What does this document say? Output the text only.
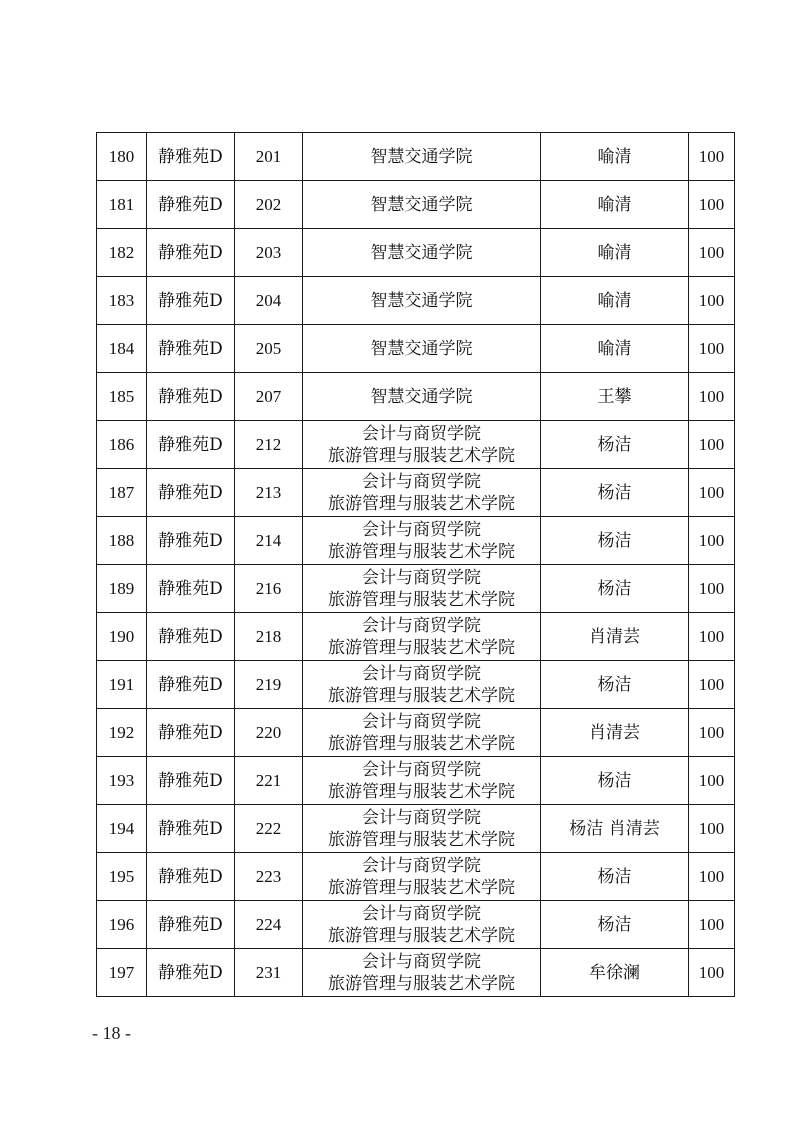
180	静雅苑D	201	智慧交通学院	喻清	100
181	静雅苑D	202	智慧交通学院	喻清	100
182	静雅苑D	203	智慧交通学院	喻清	100
183	静雅苑D	204	智慧交通学院	喻清	100
184	静雅苑D	205	智慧交通学院	喻清	100
185	静雅苑D	207	智慧交通学院	王攀	100
186	静雅苑D	212	会计与商贸学院
旅游管理与服装艺术学院	杨洁	100
187	静雅苑D	213	会计与商贸学院
旅游管理与服装艺术学院	杨洁	100
188	静雅苑D	214	会计与商贸学院
旅游管理与服装艺术学院	杨洁	100
189	静雅苑D	216	会计与商贸学院
旅游管理与服装艺术学院	杨洁	100
190	静雅苑D	218	会计与商贸学院
旅游管理与服装艺术学院	肖清芸	100
191	静雅苑D	219	会计与商贸学院
旅游管理与服装艺术学院	杨洁	100
192	静雅苑D	220	会计与商贸学院
旅游管理与服装艺术学院	肖清芸	100
193	静雅苑D	221	会计与商贸学院
旅游管理与服装艺术学院	杨洁	100
194	静雅苑D	222	会计与商贸学院
旅游管理与服装艺术学院	杨洁 肖清芸	100
195	静雅苑D	223	会计与商贸学院
旅游管理与服装艺术学院	杨洁	100
196	静雅苑D	224	会计与商贸学院
旅游管理与服装艺术学院	杨洁	100
197	静雅苑D	231	会计与商贸学院
旅游管理与服装艺术学院	牟徐澜	100
- 18 -
